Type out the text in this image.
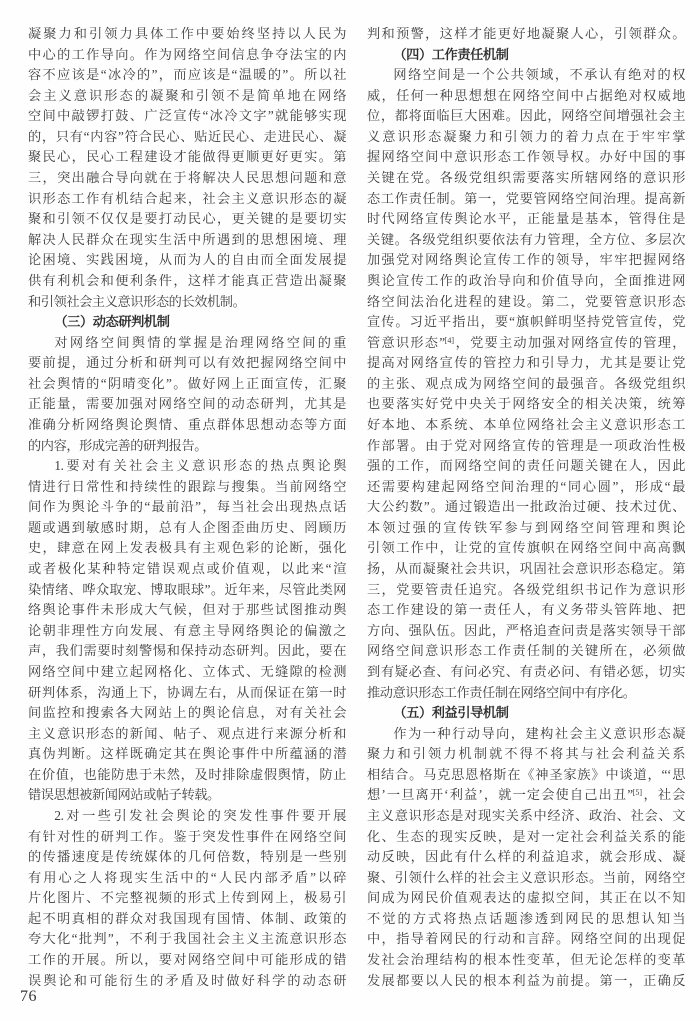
凝聚力和引领力具体工作中要始终坚持以人民为
中心的工作导向。作为网络空间信息争夺法宝的内
容不应该是“冰冷的”，而应该是“温暖的”。所以社
会主义意识形态的凝聚和引领不是简单地在网络
空间中敲锣打鼓、广泛宣传“冰冷文字”就能够实现
的，只有“内容”符合民心、贴近民心、走进民心、凝
聚民心，民心工程建设才能做得更顺更好更实。第
三，突出融合导向就在于将解决人民思想问题和意
识形态工作有机结合起来，社会主义意识形态的凝
聚和引领不仅仅是要打动民心，更关键的是要切实
解决人民群众在现实生活中所遇到的思想困境、理
论困境、实践困境，从而为人的自由而全面发展提
供有利机会和便利条件，这样才能真正营造出凝聚
和引领社会主义意识形态的长效机制。
（三）动态研判机制
对网络空间舆情的掌握是治理网络空间的重
要前提，通过分析和研判可以有效把握网络空间中
社会舆情的“阴晴变化”。做好网上正面宣传，汇聚
正能量，需要加强对网络空间的动态研判，尤其是
准确分析网络舆论舆情、重点群体思想动态等方面
的内容，形成完善的研判报告。
1.要对有关社会主义意识形态的热点舆论舆
情进行日常性和持续性的跟踪与搜集。当前网络空
间作为舆论斗争的“最前沿”，每当社会出现热点话
题或遇到敏感时期，总有人企图歪曲历史、罔顾历
史，肆意在网上发表极具有主观色彩的论断，强化
或者极化某种特定错误观点或价值观，以此来“渲
染情绪、哗众取宠、博取眼球”。近年来，尽管此类网
络舆论事件未形成大气候，但对于那些试图推动舆
论朝非理性方向发展、有意主导网络舆论的偏激之
声，我们需要时刻警惕和保持动态研判。因此，要在
网络空间中建立起网格化、立体式、无缝隙的检测
研判体系，沟通上下，协调左右，从而保证在第一时
间监控和搜索各大网站上的舆论信息，对有关社会
主义意识形态的新闻、帖子、观点进行来源分析和
真伪判断。这样既确定其在舆论事件中所蕴涵的潜
在价值，也能防患于未然，及时排除虚假舆情，防止
错误思想被新闻网站或帖子转载。
2.对一些引发社会舆论的突发性事件要开展
有针对性的研判工作。鉴于突发性事件在网络空间
的传播速度是传统媒体的几何倍数，特别是一些别
有用心之人将现实生活中的“人民内部矛盾”以碎
片化图片、不完整视频的形式上传到网上，极易引
起不明真相的群众对我国现有国情、体制、政策的
夸大化“批判”，不利于我国社会主义主流意识形态
工作的开展。所以，要对网络空间中可能形成的错
误舆论和可能衍生的矛盾及时做好科学的动态研
判和预警，这样才能更好地凝聚人心，引领群众。
（四）工作责任机制
网络空间是一个公共领域，不承认有绝对的权
威，任何一种思想想在网络空间中占据绝对权威地
位，都将面临巨大困难。因此，网络空间增强社会主
义意识形态凝聚力和引领力的着力点在于牢牢掌
握网络空间中意识形态工作领导权。办好中国的事
关键在党。各级党组织需要落实所辖网络的意识形
态工作责任制。第一，党要管网络空间治理。提高新
时代网络宣传舆论水平，正能量是基本，管得住是
关键。各级党组织要依法有力管理，全方位、多层次
加强党对网络舆论宣传工作的领导，牢牢把握网络
舆论宣传工作的政治导向和价值导向，全面推进网
络空间法治化进程的建设。第二，党要管意识形态
宣传。习近平指出，要“旗帜鲜明坚持党管宣传，党
管意识形态”[4]，党要主动加强对网络宣传的管理，
提高对网络宣传的管控力和引导力，尤其是要让党
的主张、观点成为网络空间的最强音。各级党组织
也要落实好党中央关于网络安全的相关决策，统筹
好本地、本系统、本单位网络社会主义意识形态工
作部署。由于党对网络宣传的管理是一项政治性极
强的工作，而网络空间的责任问题关键在人，因此
还需要构建起网络空间治理的“同心圆”，形成“最
大公约数”。通过锻造出一批政治过硬、技术过优、
本领过强的宣传铁军参与到网络空间管理和舆论
引领工作中，让党的宣传旗帜在网络空间中高高飘
扬，从而凝聚社会共识，巩固社会意识形态稳定。第
三，党要管责任追究。各级党组织书记作为意识形
态工作建设的第一责任人，有义务带头管阵地、把
方向、强队伍。因此，严格追查问责是落实领导干部
网络空间意识形态工作责任制的关键所在，必须做
到有疑必查、有问必究、有责必问、有错必惩，切实
推动意识形态工作责任制在网络空间中有序化。
（五）利益引导机制
作为一种行动导向，建构社会主义意识形态凝
聚力和引领力机制就不得不将其与社会利益关系
相结合。马克思恩格斯在《神圣家族》中谈道，“‘思
想’一旦离开‘利益’，就一定会使自己出丑”[5]，社会
主义意识形态是对现实关系中经济、政治、社会、文
化、生态的现实反映，是对一定社会利益关系的能
动反映，因此有什么样的利益追求，就会形成、凝
聚、引领什么样的社会主义意识形态。当前，网络空
间成为网民价值观表达的虚拟空间，其正在以不知
不觉的方式将热点话题渗透到网民的思想认知当
中，指导着网民的行动和言辞。网络空间的出现促
发社会治理结构的根本性变革，但无论怎样的变革
发展都要以人民的根本利益为前提。第一，正确反
76
